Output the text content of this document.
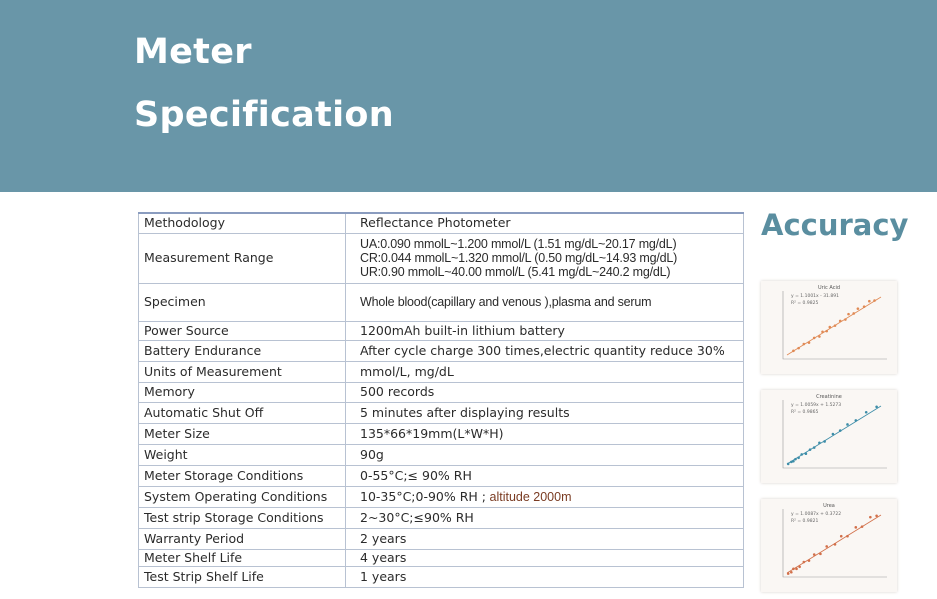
Meter
Specification
Methodology	Reflectance Photometer

Measurement Range	UA:0.090 mmolL~1.200 mmol/L (1.51 mg/dL~20.17 mg/dL)
CR:0.044 mmolL~1.320 mmol/L (0.50 mg/dL~14.93 mg/dL)
UR:0.90 mmolL~40.00 mmol/L (5.41 mg/dL~240.2 mg/dL)

Specimen	Whole blood(capillary and venous ),plasma and serum

Power Source	1200mAh built-in lithium battery

Battery Endurance	After cycle charge 300 times,electric quantity reduce 30%

Units of Measurement	mmol/L, mg/dL

Memory	500 records

Automatic Shut Off	5 minutes after displaying results

Meter Size	135*66*19mm(L*W*H)

Weight	90g

Meter Storage Conditions	0-55°C;≤ 90% RH

System Operating Conditions	10-35°C;0-90% RH ; altitude 2000m

Test strip Storage Conditions	2~30°C;≤90% RH

Warranty Period	2 years

Meter Shelf Life	4 years

Test Strip Shelf Life	1 years
Accuracy
Uric Acid
y = 1.1001x - 31.891
R² = 0.9825
Creatinine
y = 1.0059x + 1.5273
R² = 0.9865
Urea
y = 1.0087x + 0.3722
R² = 0.9821
